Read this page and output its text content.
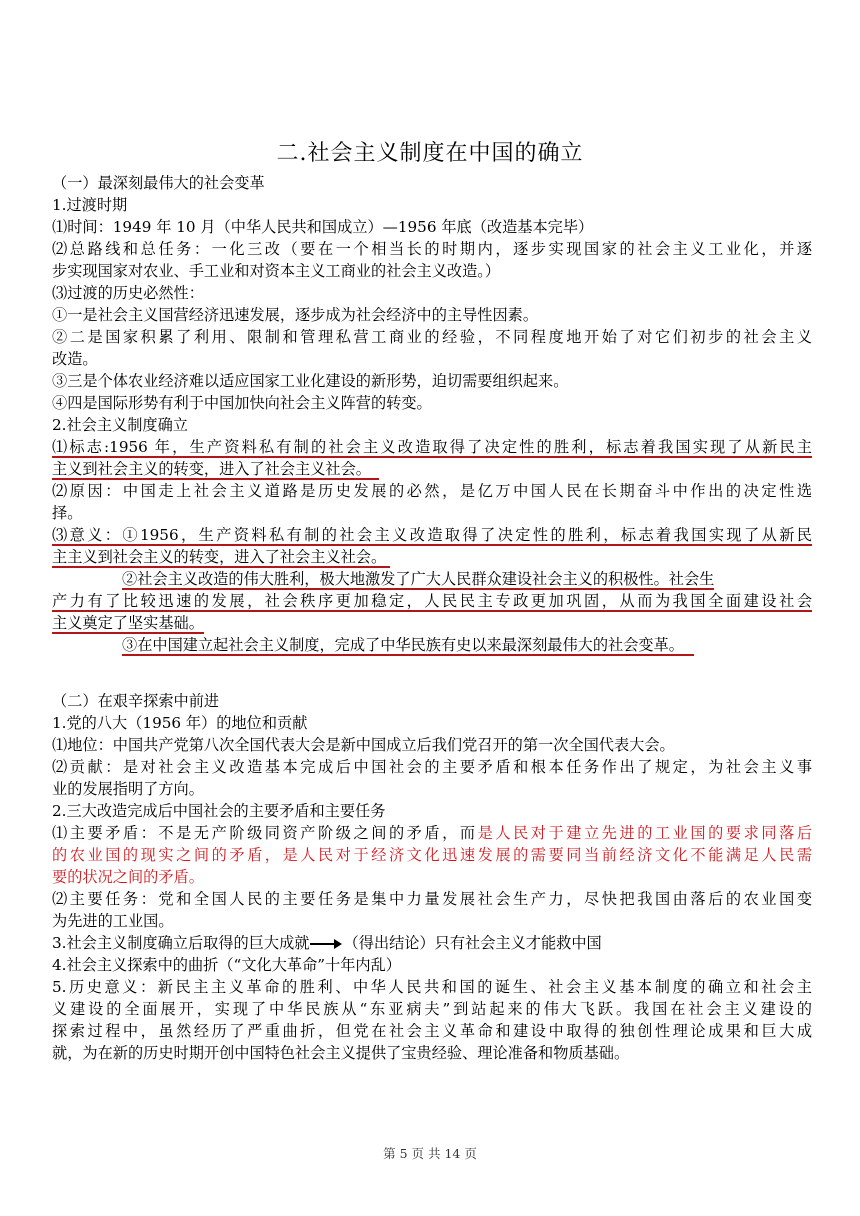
二.社会主义制度在中国的确立
（一）最深刻最伟大的社会变革
1.过渡时期
⑴时间：1949 年 10 月（中华人民共和国成立）—1956 年底（改造基本完毕）
⑵总路线和总任务：一化三改（要在一个相当长的时期内，逐步实现国家的社会主义工业化，并逐
步实现国家对农业、手工业和对资本主义工商业的社会主义改造。）
⑶过渡的历史必然性：
①一是社会主义国营经济迅速发展，逐步成为社会经济中的主导性因素。
②二是国家积累了利用、限制和管理私营工商业的经验，不同程度地开始了对它们初步的社会主义
改造。
③三是个体农业经济难以适应国家工业化建设的新形势，迫切需要组织起来。
④四是国际形势有利于中国加快向社会主义阵营的转变。
2.社会主义制度确立
⑴标志:1956 年，生产资料私有制的社会主义改造取得了决定性的胜利，标志着我国实现了从新民主
主义到社会主义的转变，进入了社会主义社会。
⑵原因：中国走上社会主义道路是历史发展的必然，是亿万中国人民在长期奋斗中作出的决定性选
择。
⑶意义：①1956，生产资料私有制的社会主义改造取得了决定性的胜利，标志着我国实现了从新民
主主义到社会主义的转变，进入了社会主义社会。
②社会主义改造的伟大胜利，极大地激发了广大人民群众建设社会主义的积极性。社会生
产力有了比较迅速的发展，社会秩序更加稳定，人民民主专政更加巩固，从而为我国全面建设社会
主义奠定了坚实基础。
③在中国建立起社会主义制度，完成了中华民族有史以来最深刻最伟大的社会变革。
（二）在艰辛探索中前进
1.党的八大（1956 年）的地位和贡献
⑴地位：中国共产党第八次全国代表大会是新中国成立后我们党召开的第一次全国代表大会。
⑵贡献：是对社会主义改造基本完成后中国社会的主要矛盾和根本任务作出了规定，为社会主义事
业的发展指明了方向。
2.三大改造完成后中国社会的主要矛盾和主要任务
⑴主要矛盾：不是无产阶级同资产阶级之间的矛盾，而是人民对于建立先进的工业国的要求同落后
的农业国的现实之间的矛盾，是人民对于经济文化迅速发展的需要同当前经济文化不能满足人民需
要的状况之间的矛盾。
⑵主要任务：党和全国人民的主要任务是集中力量发展社会生产力，尽快把我国由落后的农业国变
为先进的工业国。
3.社会主义制度确立后取得的巨大成就 （得出结论）只有社会主义才能救中国
4.社会主义探索中的曲折（“文化大革命”十年内乱）
5.历史意义：新民主主义革命的胜利、中华人民共和国的诞生、社会主义基本制度的确立和社会主
义建设的全面展开，实现了中华民族从“东亚病夫”到站起来的伟大飞跃。我国在社会主义建设的
探索过程中，虽然经历了严重曲折，但党在社会主义革命和建设中取得的独创性理论成果和巨大成
就，为在新的历史时期开创中国特色社会主义提供了宝贵经验、理论准备和物质基础。
第 5 页 共 14 页
